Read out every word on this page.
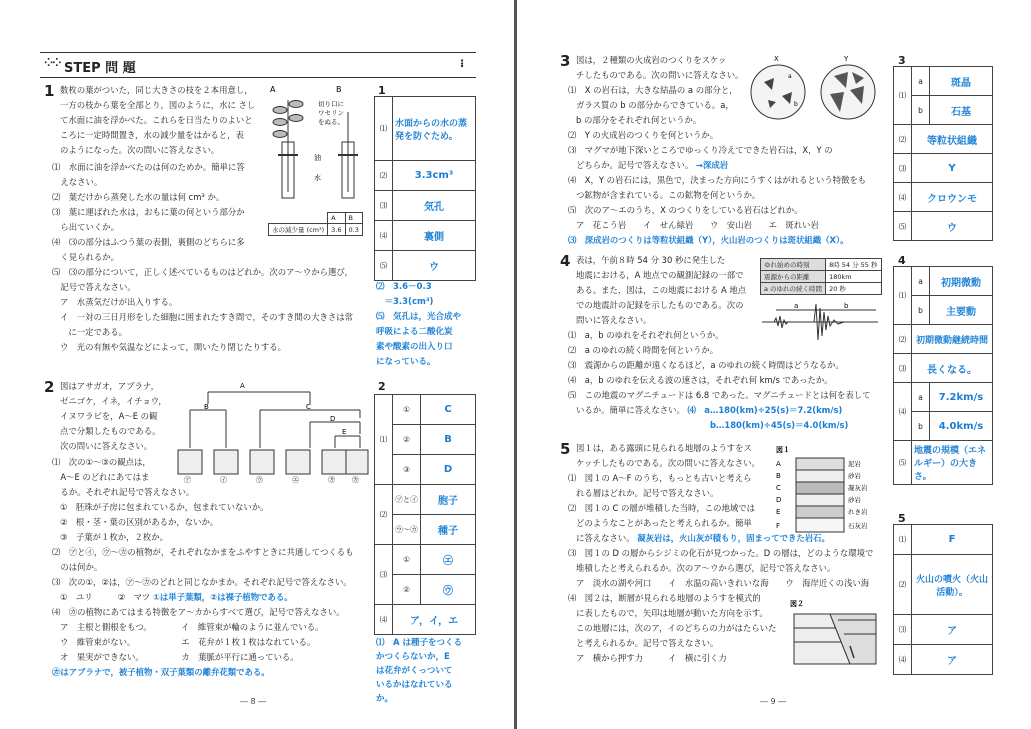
⁘⁘ STEP 問 題	⁝
1 数枚の葉がついた，同じ大きさの枝を２本用意し，
一方の枝から葉を全部とり，図のように，水に さし
て水面に油を浮かべた。これらを日当たりのよいと
ころに一定時間置き，水の減少量をはかると，表
のようになった。次の問いに答えなさい。
⑴　水面に油を浮かべたのは何のためか。簡単に答
　えなさい。
⑵　葉だけから蒸発した水の量は何 cm³ か。
⑶　葉に運ばれた水は，おもに葉の何という部分か
　ら出ていくか。
⑷　⑶の部分はふつう葉の表側，裏側のどちらに多
　く見られるか。
⑸　⑶の部分について，正しく述べているものはどれか。次のア～ウから選び，
　記号で答えなさい。
ア　水蒸気だけが出入りする。
イ　一対の三日月形をした細胞に囲まれたすき間で，そのすき間の大きさは常
　に一定である。
ウ　光の有無や気温などによって，開いたり閉じたりする。
A	B
油
水
切り口に
ワセリン
をぬる。
	A	B
水の減少量 (cm³)	3.6	0.3
2 図はアサガオ，アブラナ，
ゼニゴケ，イネ，イチョウ，
イヌワラビを，A～E の観
点で分類したものである。
次の問いに答えなさい。
⑴　次の①～③の観点は，
　A～E のどれにあてはま
　るか。それぞれ記号で答えなさい。
①　胚珠が子房に包まれているか，包まれていないか。
②　根・茎・葉の区別があるか，ないか。
③　子葉が１枚か，２枚か。
⑵　㋐と㋑，㋒～㋕の植物が，それぞれなかまをふやすときに共通してつくるも
　のは何か。
⑶　次の①，②は，㋐～㋕のどれと同じなかまか。それぞれ記号で答えなさい。
①　ユリ　　　②　マツ ①は単子葉類，②は裸子植物である。
⑷　㋕の植物にあてはまる特徴をア～カからすべて選び，記号で答えなさい。
ア　主根と側根をもつ。　　　　イ　維管束が輪のように並んでいる。
ウ　維管束がない。　　　　　　エ　花弁が１枚１枚はなれている。
オ　果実ができない。　　　　　カ　葉脈が平行に通っている。
㋕はアブラナで，被子植物・双子葉類の離弁花類である。
A
B	C
D
E
㋐	㋑	㋒	㋓	㋔ ㋕
1
⑴	水面からの水の蒸発を防ぐため。
⑵	3.3cm³
⑶	気孔
⑷	裏側
⑸	ウ
⑵　3.6－0.3
　＝3.3(cm³)
⑸　気孔は，光合成や
呼吸による二酸化炭
素や酸素の出入り口
になっている。
2
⑴	①	C
	②	B
	③	D
⑵	㋐と㋑	胞子
	㋒～㋕	種子
⑶	①	㋓
	②	㋒
⑷	ア，イ，エ	
⑴　A は種子をつくる
かつくらないか，E
は花弁がくっついて
いるかはなれている
か。
― 8 ―
3 図は，２種類の火成岩のつくりをスケッ
チしたものである。次の問いに答えなさい。
⑴　X の岩石は，大きな結晶の a の部分と，
ガラス質の b の部分からできている。a，
b の部分をそれぞれ何というか。
⑵　Y の火成岩のつくりを何というか。
⑶　マグマが地下深いところでゆっくり冷えてできた岩石は，X，Y の
どちらか。記号で答えなさい。 →深成岩
⑷　X，Y の岩石には，黒色で，決まった方向にうすくはがれるという特徴をも
つ鉱物が含まれている。この鉱物を何というか。
⑸　次のア～エのうち，X のつくりをしている岩石はどれか。
ア　花こう岩　　イ　せん緑岩　　ウ　安山岩　　エ　斑れい岩
⑶　深成岩のつくりは等粒状組織（Y），火山岩のつくりは斑状組織（X）。
X	Y
a
b
4 表は，午前８時 54 分 30 秒に発生した
地震における，A 地点での観測記録の一部で
ある。また，図は，この地震における A 地点
での地震計の記録を示したものである。次の
問いに答えなさい。
⑴　a，b のゆれをそれぞれ何というか。
⑵　a のゆれの続く時間を何というか。
⑶　震源からの距離が遠くなるほど，a のゆれの続く時間はどうなるか。
⑷　a，b のゆれを伝える波の速さは，それぞれ何 km/s であったか。
⑸　この地震のマグニチュードは 6.8 であった。マグニチュードとは何を表して
いるか。簡単に答えなさい。 ⑷　a…180(km)÷25(s)＝7.2(km/s)
b…180(km)÷45(s)＝4.0(km/s)
ゆれ始めの時刻	8時 54 分 55 秒
震源からの距離	180km
a のゆれの続く時間	20 秒
a	b
5 図１は，ある露頭に見られる地層のようすをス
ケッチしたものである。次の問いに答えなさい。
⑴　図１の A～F のうち，もっとも古いと考えら
れる層はどれか。記号で答えなさい。
⑵　図１の C の層が堆積した当時，この地域では
どのようなことがあったと考えられるか。簡単
に答えなさい。 凝灰岩は，火山灰が積もり，固まってできた岩石。
⑶　図１の D の層からシジミの化石が見つかった。D の層は，どのような環境で
堆積したと考えられるか。次のア～ウから選び，記号で答えなさい。
ア　淡水の湖や河口　　イ　水温の高いきれいな海　　ウ　海岸近くの浅い海
⑷　図２は，断層が見られる地層のようすを模式的
に表したもので，矢印は地層が動いた方向を示す。
この地層には，次のア，イのどちらの力がはたらいた
と考えられるか。記号で答えなさい。
ア　横から押す力　　　イ　横に引く力
図１
A
B
C
D
E
F
泥岩
砂岩
凝灰岩
砂岩
れき岩
石灰岩
図２
3
⑴	a	斑晶
	b	石基
⑵	等粒状組織	
⑶	Y	
⑷	クロウンモ	
⑸	ウ	
4
⑴	a	初期微動
	b	主要動
⑵	初期微動継続時間	
⑶	長くなる。	
⑷	a	7.2km/s
	b	4.0km/s
⑸	地震の規模（エネルギー）の大きさ。	
5
⑴	F
⑵	火山の噴火（火山活動）。
⑶	ア
⑷	ア
― 9 ―
